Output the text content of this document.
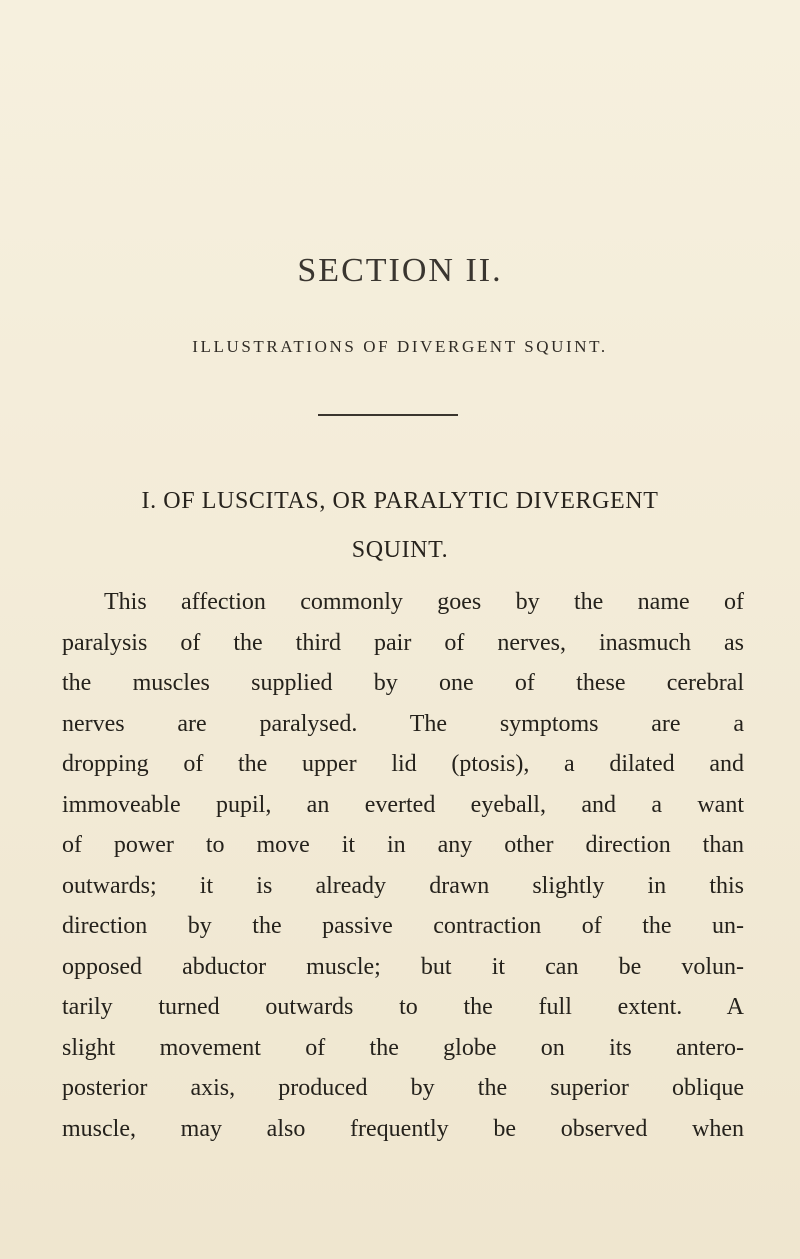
SECTION II.
ILLUSTRATIONS OF DIVERGENT SQUINT.
I. OF LUSCITAS, OR PARALYTIC DIVERGENT
SQUINT.
This affection commonly goes by the name of
paralysis of the third pair of nerves, inasmuch as
the muscles supplied by one of these cerebral
nerves are paralysed. The symptoms are a
dropping of the upper lid (ptosis), a dilated and
immoveable pupil, an everted eyeball, and a want
of power to move it in any other direction than
outwards; it is already drawn slightly in this
direction by the passive contraction of the un-
opposed abductor muscle; but it can be volun-
tarily turned outwards to the full extent. A
slight movement of the globe on its antero-
posterior axis, produced by the superior oblique
muscle, may also frequently be observed when
